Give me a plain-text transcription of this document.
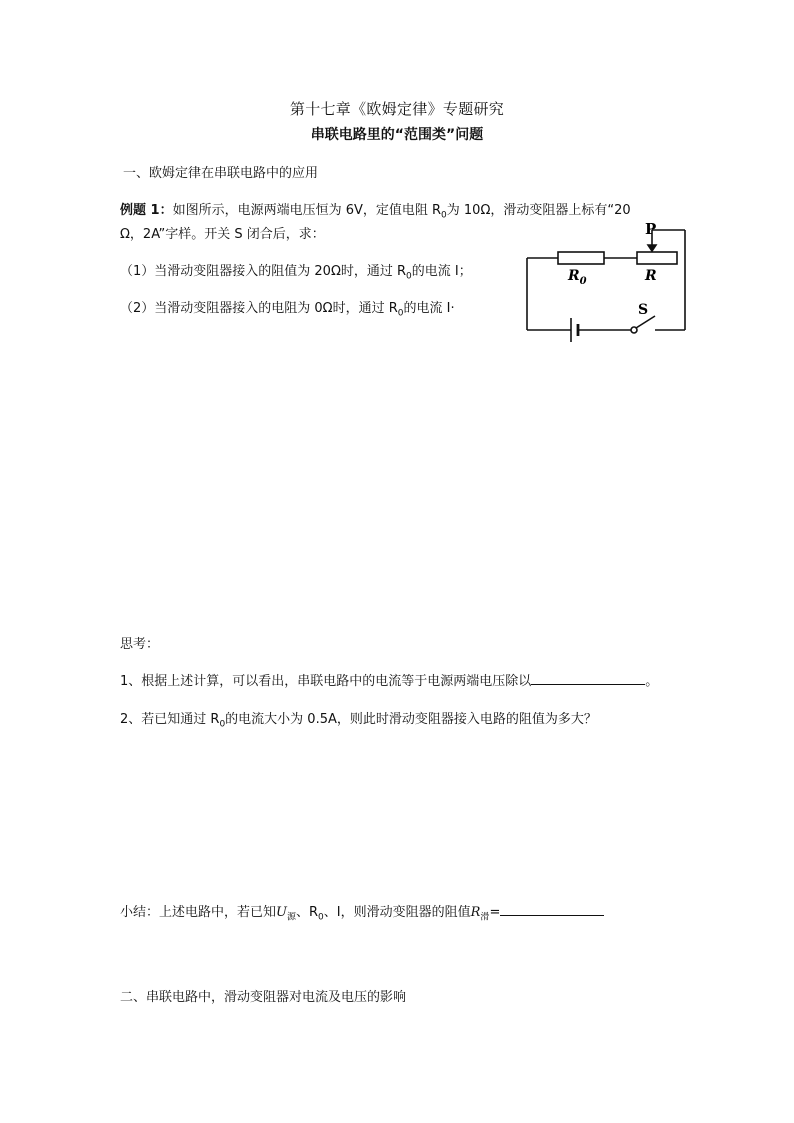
第十七章《欧姆定律》专题研究
串联电路里的“范围类”问题
一、欧姆定律在串联电路中的应用
例题 1：如图所示，电源两端电压恒为 6V，定值电阻 $R_0$为 10Ω，滑动变阻器上标有“20
Ω，2A”字样。开关 S 闭合后，求：
（1）当滑动变阻器接入的阻值为 20Ω时，通过 $R_0$的电流 I；
（2）当滑动变阻器接入的电阻为 0Ω时，通过 $R_0$的电流 I·
P
$R_0$	R
S
思考：
1、根据上述计算，可以看出，串联电路中的电流等于电源两端电压除以	。
2、若已知通过 $R_0$的电流大小为 0.5A，则此时滑动变阻器接入电路的阻值为多大？
小结：上述电路中，若已知$U_源$、$R_0$、I，则滑动变阻器的阻值$R_滑=$
二、串联电路中，滑动变阻器对电流及电压的影响
